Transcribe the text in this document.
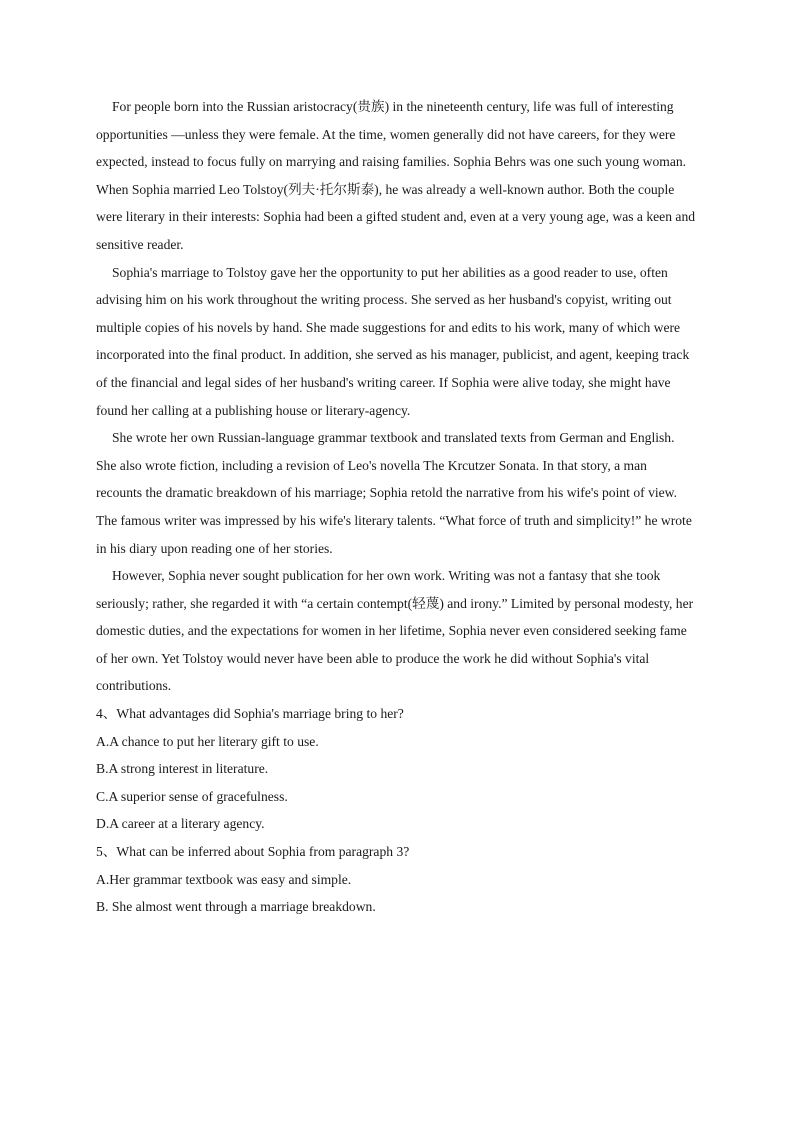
For people born into the Russian aristocracy(贵族) in the nineteenth century, life was full of interesting opportunities —unless they were female. At the time, women generally did not have careers, for they were expected, instead to focus fully on marrying and raising families. Sophia Behrs was one such young woman. When Sophia married Leo Tolstoy(列夫·托尔斯泰), he was already a well-known author. Both the couple were literary in their interests: Sophia had been a gifted student and, even at a very young age, was a keen and sensitive reader.

Sophia's marriage to Tolstoy gave her the opportunity to put her abilities as a good reader to use, often advising him on his work throughout the writing process. She served as her husband's copyist, writing out multiple copies of his novels by hand. She made suggestions for and edits to his work, many of which were incorporated into the final product. In addition, she served as his manager, publicist, and agent, keeping track of the financial and legal sides of her husband's writing career. If Sophia were alive today, she might have found her calling at a publishing house or literary-agency.

She wrote her own Russian-language grammar textbook and translated texts from German and English. She also wrote fiction, including a revision of Leo's novella The Krcutzer Sonata. In that story, a man recounts the dramatic breakdown of his marriage; Sophia retold the narrative from his wife's point of view. The famous writer was impressed by his wife's literary talents. “What force of truth and simplicity!” he wrote in his diary upon reading one of her stories.

However, Sophia never sought publication for her own work. Writing was not a fantasy that she took seriously; rather, she regarded it with “a certain contempt(轻蔑) and irony.” Limited by personal modesty, her domestic duties, and the expectations for women in her lifetime, Sophia never even considered seeking fame of her own. Yet Tolstoy would never have been able to produce the work he did without Sophia's vital contributions.

4、What advantages did Sophia's marriage bring to her?

A.A chance to put her literary gift to use.

B.A strong interest in literature.

C.A superior sense of gracefulness.

D.A career at a literary agency.

5、What can be inferred about Sophia from paragraph 3?

A.Her grammar textbook was easy and simple.

B. She almost went through a marriage breakdown.
